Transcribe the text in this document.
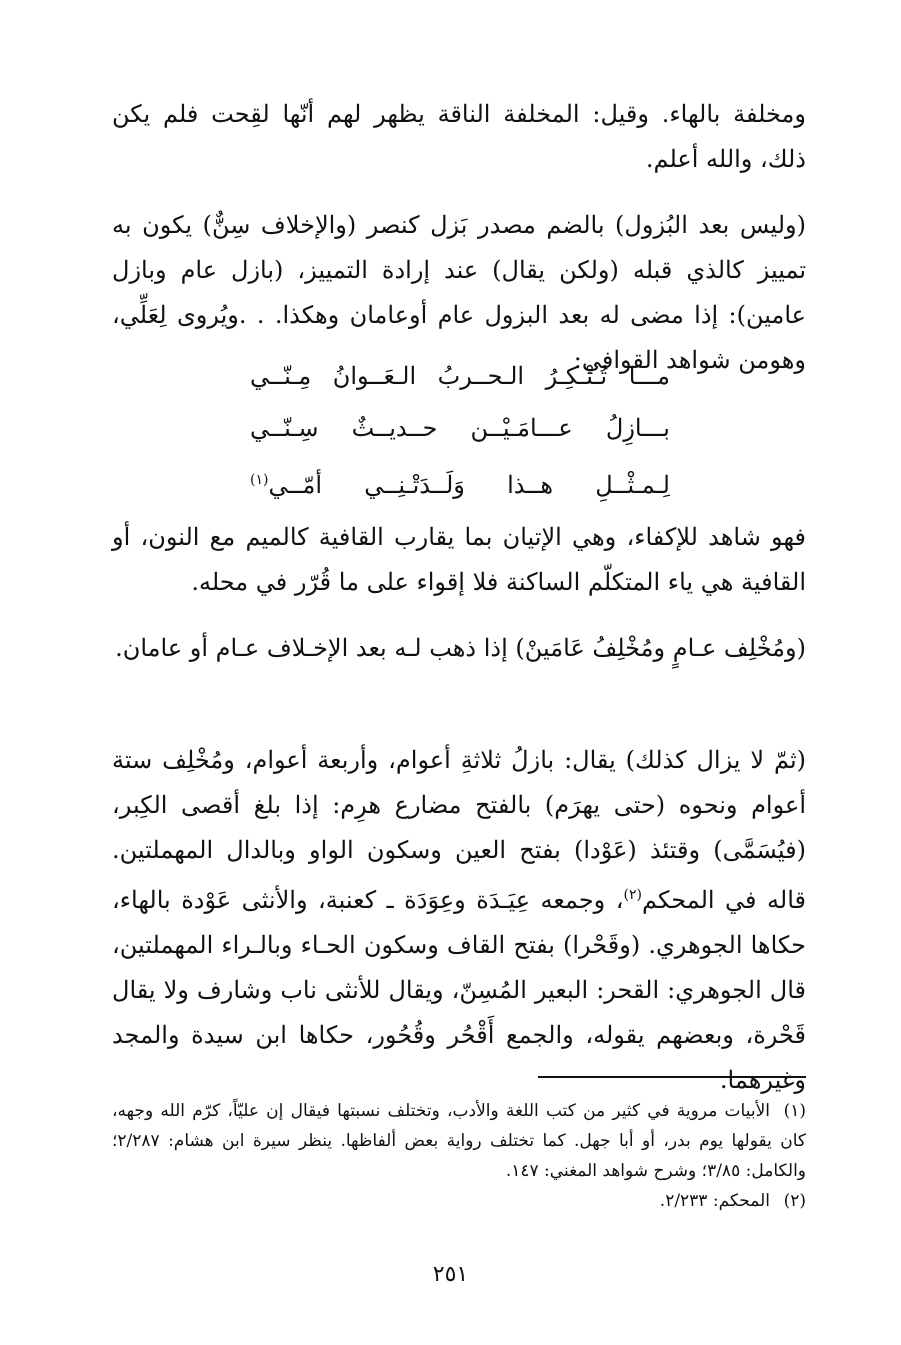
ومخلفة بالهاء. وقيل: المخلفة الناقة يظهر لهم أنّها لقِحت فلم يكن ذلك، والله أعلم.

(وليس بعد البُزول) بالضم مصدر بَزل كنصر (والإخلاف سِنٌّ) يكون به تمييز كالذي قبله (ولكن يقال) عند إرادة التمييز، (بازل عام وبازل عامين): إذا مضى له بعد البزول عام أوعامان وهكذا. . .ويُروى لِعَلِّي، وهومن شواهد القوافي:

مـــا تُـنْـكِـرُ الـحــربُ الـعَــوانُ مِـنّــي
بـــازِلُ عـــامَـيْــن حــديــثٌ سِـنّــي
لِـمـثْــلِ هــذا وَلَــدَتْـنِــي أمّــي$^{(١)}$

فهو شاهد للإكفاء، وهي الإتيان بما يقارب القافية كالميم مع النون، أو القافية هي ياء المتكلّم الساكنة فلا إقواء على ما قُرّر في محله.

(ومُخْلِف عـامٍ ومُخْلِفُ عَامَينْ) إذا ذهب لـه بعد الإخـلاف عـام أو عامان.

(ثمّ لا يزال كذلك) يقال: بازلُ ثلاثةِ أعوام، وأربعة أعوام، ومُخْلِف ستة أعوام ونحوه (حتى يهرَم) بالفتح مضارع هرِم: إذا بلغ أقصى الكِبر، (فيُسَمَّى) وقتئذ (عَوْدا) بفتح العين وسكون الواو وبالدال المهملتين. قاله في المحكم$^{(٢)}$، وجمعه عِيَـدَة وعِوَدَة ـ كعنبة، والأنثى عَوْدة بالهاء، حكاها الجوهري. (وقَحْرا) بفتح القاف وسكون الحـاء وبالـراء المهملتين، قال الجوهري: القحر: البعير المُسِنّ، ويقال للأنثى ناب وشارف ولا يقال قَحْرة، وبعضهم يقوله، والجمع أَقْحُر وقُحُور، حكاها ابن سيدة والمجد وغيرهما.

(١)الأبيات مروية في كثير من كتب اللغة والأدب، وتختلف نسبتها فيقال إن عليّاً، كرّم الله وجهه، كان يقولها يوم بدر، أو أبا جهل. كما تختلف رواية بعض ألفاظها. ينظر سيرة ابن هشام: ٢/٢٨٧؛ والكامل: ٣/٨٥؛ وشرح شواهد المغني: ١٤٧.

(٢)المحكم: ٢/٢٣٣.

٢٥١
